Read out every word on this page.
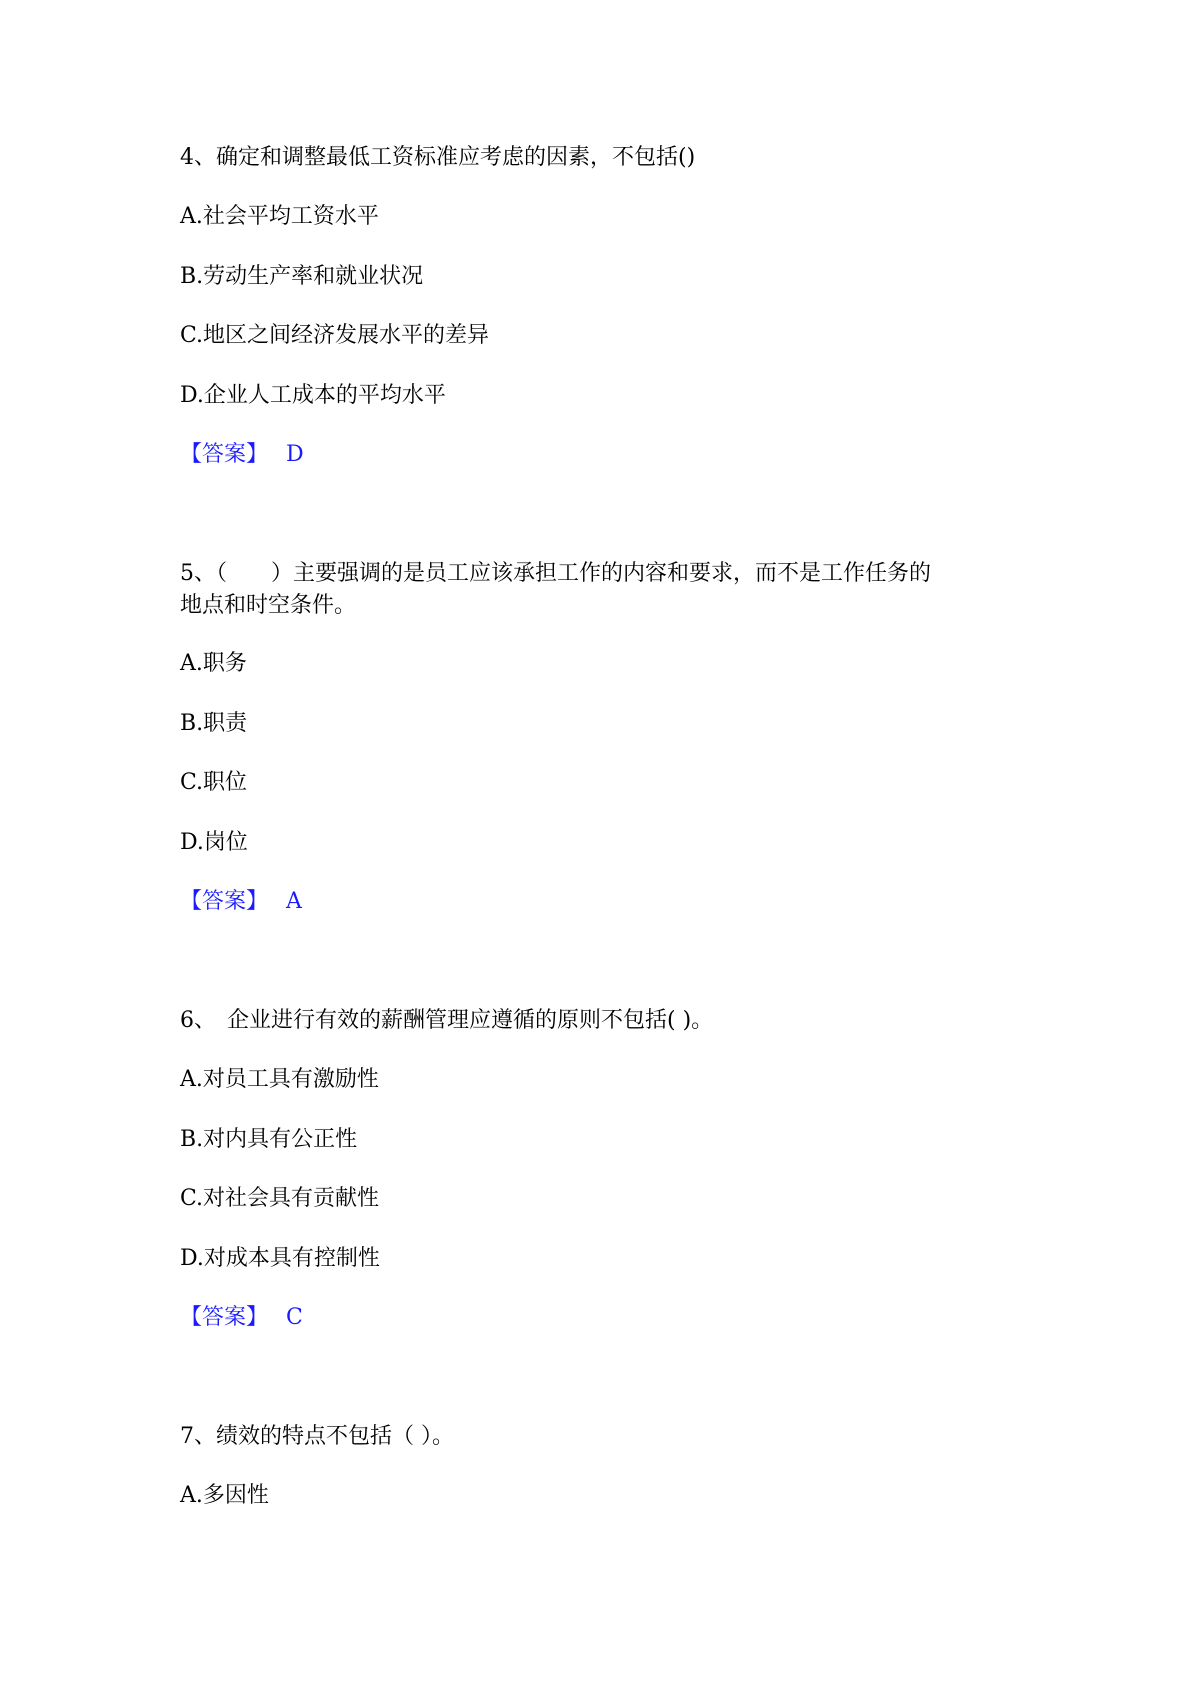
4、确定和调整最低工资标准应考虑的因素，不包括()
A.社会平均工资水平
B.劳动生产率和就业状况
C.地区之间经济发展水平的差异
D.企业人工成本的平均水平
【答案】 D
5、（　　）主要强调的是员工应该承担工作的内容和要求，而不是工作任务的
地点和时空条件。
A.职务
B.职责
C.职位
D.岗位
【答案】 A
6、　企业进行有效的薪酬管理应遵循的原则不包括( )。
A.对员工具有激励性
B.对内具有公正性
C.对社会具有贡献性
D.对成本具有控制性
【答案】 C
7、绩效的特点不包括（ ）。
A.多因性
